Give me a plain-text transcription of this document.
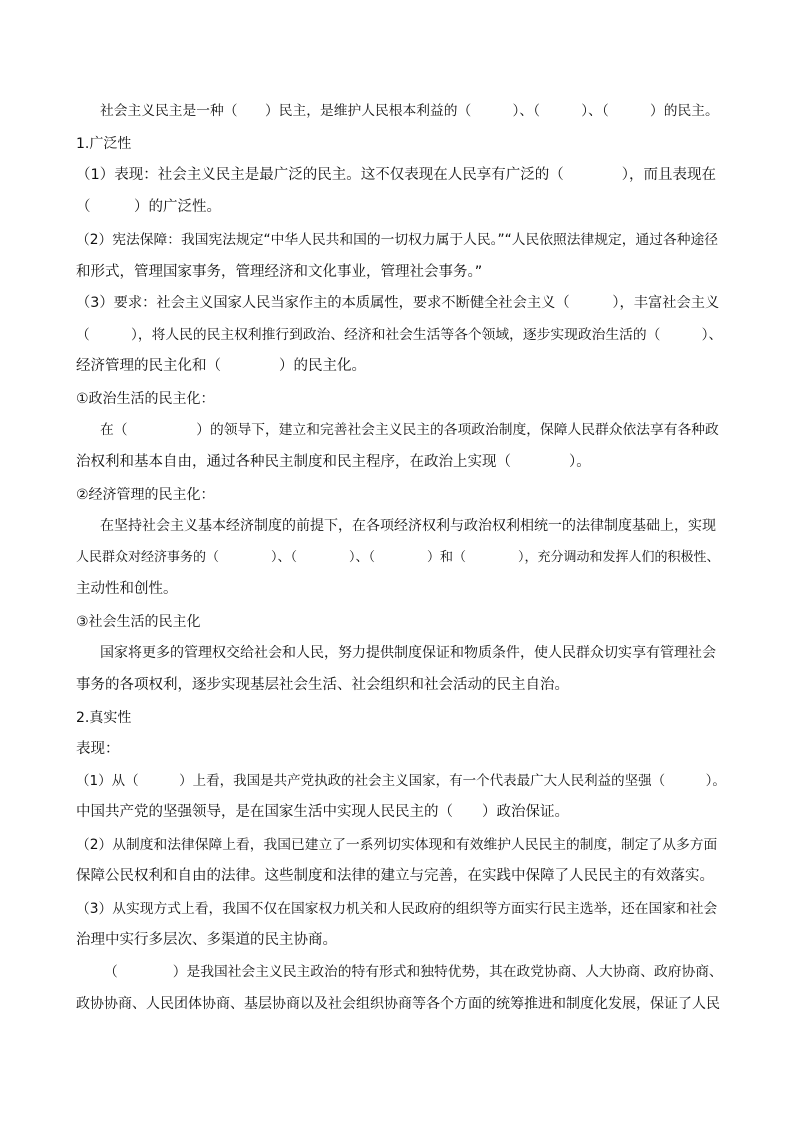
社会主义民主是一种（　　）民主，是维护人民根本利益的（　　　）、（　　　）、（　　　）的民主。
1.广泛性
（1）表现：社会主义民主是最广泛的民主。这不仅表现在人民享有广泛的（　　　　），而且表现在
（　　　）的广泛性。
（2）宪法保障：我国宪法规定“中华人民共和国的一切权力属于人民。”“人民依照法律规定，通过各种途径
和形式，管理国家事务，管理经济和文化事业，管理社会事务。”
（3）要求：社会主义国家人民当家作主的本质属性，要求不断健全社会主义（　　　），丰富社会主义
（　　　），将人民的民主权利推行到政治、经济和社会生活等各个领域，逐步实现政治生活的（　　　）、
经济管理的民主化和（　　　　）的民主化。
①政治生活的民主化：
在（　　　　　）的领导下，建立和完善社会主义民主的各项政治制度，保障人民群众依法享有各种政
治权利和基本自由，通过各种民主制度和民主程序，在政治上实现（　　　　）。
②经济管理的民主化：
在坚持社会主义基本经济制度的前提下，在各项经济权利与政治权利相统一的法律制度基础上，实现
人民群众对经济事务的（　　　　）、（　　　　）、（　　　　）和（　　　　），充分调动和发挥人们的积极性、
主动性和创性。
③社会生活的民主化
国家将更多的管理权交给社会和人民，努力提供制度保证和物质条件，使人民群众切实享有管理社会
事务的各项权利，逐步实现基层社会生活、社会组织和社会活动的民主自治。
2.真实性
表现：
（1）从（　　　）上看，我国是共产党执政的社会主义国家，有一个代表最广大人民利益的坚强（　　　）。
中国共产党的坚强领导，是在国家生活中实现人民民主的（　　）政治保证。
（2）从制度和法律保障上看，我国已建立了一系列切实体现和有效维护人民民主的制度，制定了从多方面
保障公民权利和自由的法律。这些制度和法律的建立与完善，在实践中保障了人民民主的有效落实。
（3）从实现方式上看，我国不仅在国家权力机关和人民政府的组织等方面实行民主选举，还在国家和社会
治理中实行多层次、多渠道的民主协商。
（　　　　）是我国社会主义民主政治的特有形式和独特优势，其在政党协商、人大协商、政府协商、
政协协商、人民团体协商、基层协商以及社会组织协商等各个方面的统筹推进和制度化发展，保证了人民
